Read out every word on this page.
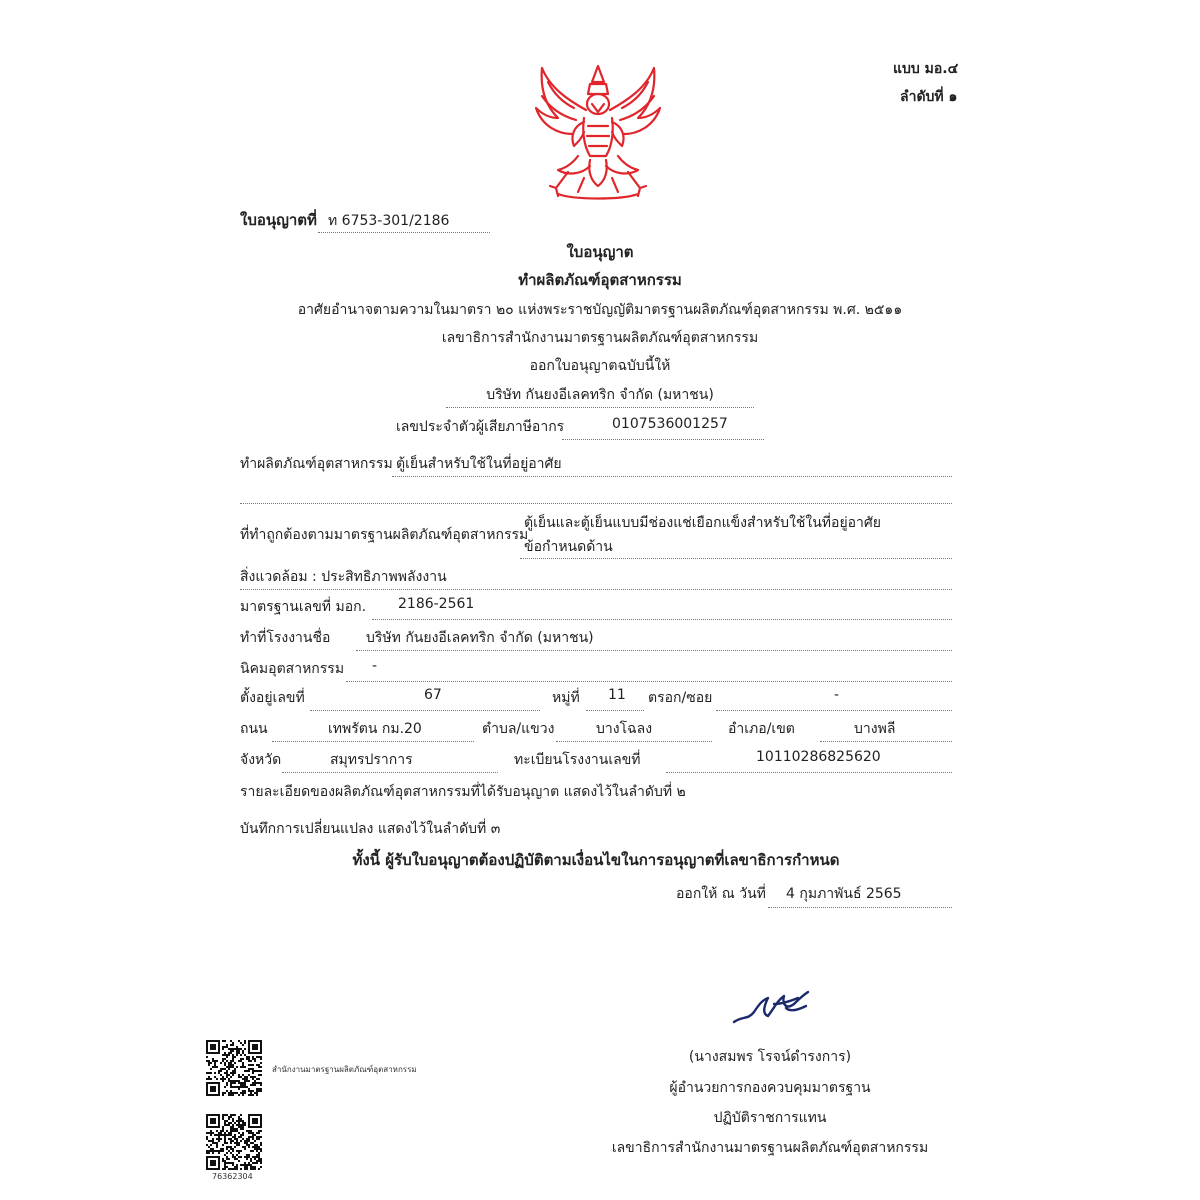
แบบ มอ.๔
ลำดับที่ ๑
ใบอนุญาตที่ ท 6753-301/2186
ใบอนุญาต
ทำผลิตภัณฑ์อุตสาหกรรม
อาศัยอำนาจตามความในมาตรา ๒๐ แห่งพระราชบัญญัติมาตรฐานผลิตภัณฑ์อุตสาหกรรม พ.ศ. ๒๕๑๑
เลขาธิการสำนักงานมาตรฐานผลิตภัณฑ์อุตสาหกรรม
ออกใบอนุญาตฉบับนี้ให้
บริษัท กันยงอีเลคทริก จำกัด (มหาชน)
เลขประจำตัวผู้เสียภาษีอากร	0107536001257
ทำผลิตภัณฑ์อุตสาหกรรม ตู้เย็นสำหรับใช้ในที่อยู่อาศัย
ที่ทำถูกต้องตามมาตรฐานผลิตภัณฑ์อุตสาหกรรม
ตู้เย็นและตู้เย็นแบบมีช่องแช่เยือกแข็งสำหรับใช้ในที่อยู่อาศัย
ข้อกำหนดด้าน
สิ่งแวดล้อม : ประสิทธิภาพพลังงาน
มาตรฐานเลขที่ มอก. 2186-2561
ทำที่โรงงานชื่อ	บริษัท กันยงอีเลคทริก จำกัด (มหาชน)
นิคมอุตสาหกรรม -
ตั้งอยู่เลขที่	67	หมู่ที่ 11 ตรอก/ซอย	-
ถนน	เทพรัตน กม.20	ตำบล/แขวง	บางโฉลง	อำเภอ/เขต	บางพลี
จังหวัด	สมุทรปราการ	ทะเบียนโรงงานเลขที่	10110286825620
รายละเอียดของผลิตภัณฑ์อุตสาหกรรมที่ได้รับอนุญาต แสดงไว้ในลำดับที่ ๒
บันทึกการเปลี่ยนแปลง แสดงไว้ในลำดับที่ ๓
ทั้งนี้ ผู้รับใบอนุญาตต้องปฏิบัติตามเงื่อนไขในการอนุญาตที่เลขาธิการกำหนด
ออกให้ ณ วันที่ 4 กุมภาพันธ์ 2565
(นางสมพร โรจน์ดำรงการ)
ผู้อำนวยการกองควบคุมมาตรฐาน
ปฏิบัติราชการแทน
เลขาธิการสำนักงานมาตรฐานผลิตภัณฑ์อุตสาหกรรม
สำนักงานมาตรฐานผลิตภัณฑ์อุตสาหกรรม
76362304
